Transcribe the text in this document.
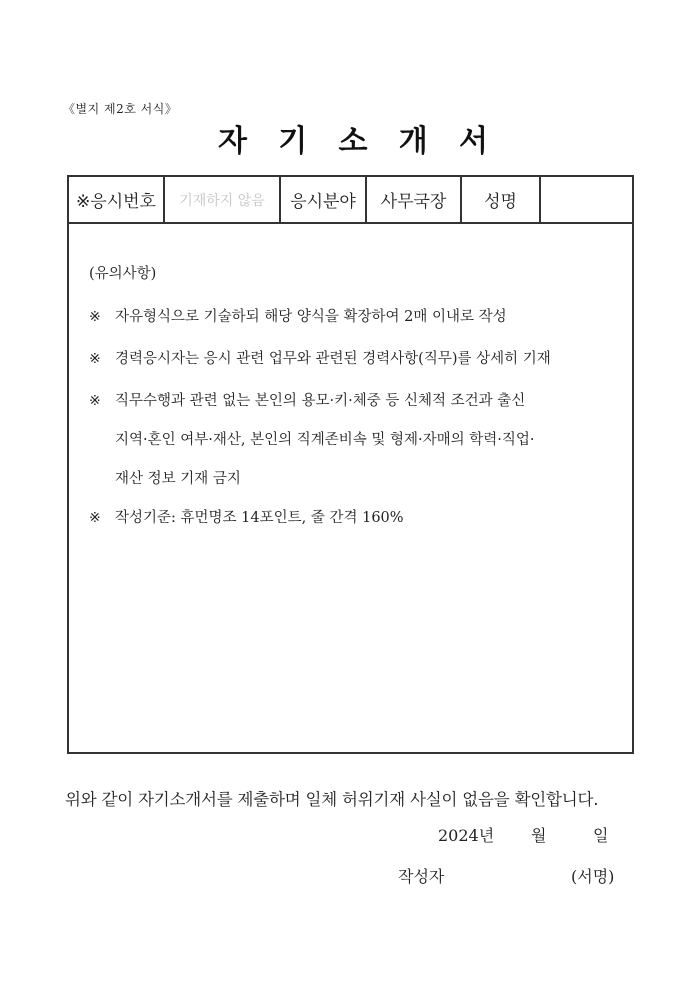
《별지 제2호 서식》
자 기 소 개 서
※응시번호	기재하지 않음	응시분야	사무국장	성명
(유의사항)
※ 자유형식으로 기술하되 해당 양식을 확장하여 2매 이내로 작성
※ 경력응시자는 응시 관련 업무와 관련된 경력사항(직무)를 상세히 기재
※ 직무수행과 관련 없는 본인의 용모·키·체중 등 신체적 조건과 출신
지역·혼인 여부·재산, 본인의 직계존비속 및 형제·자매의 학력·직업·
재산 정보 기재 금지
※ 작성기준: 휴먼명조 14포인트, 줄 간격 160%
위와 같이 자기소개서를 제출하며 일체 허위기재 사실이 없음을 확인합니다.
2024년 월	일
작성자	(서명)
